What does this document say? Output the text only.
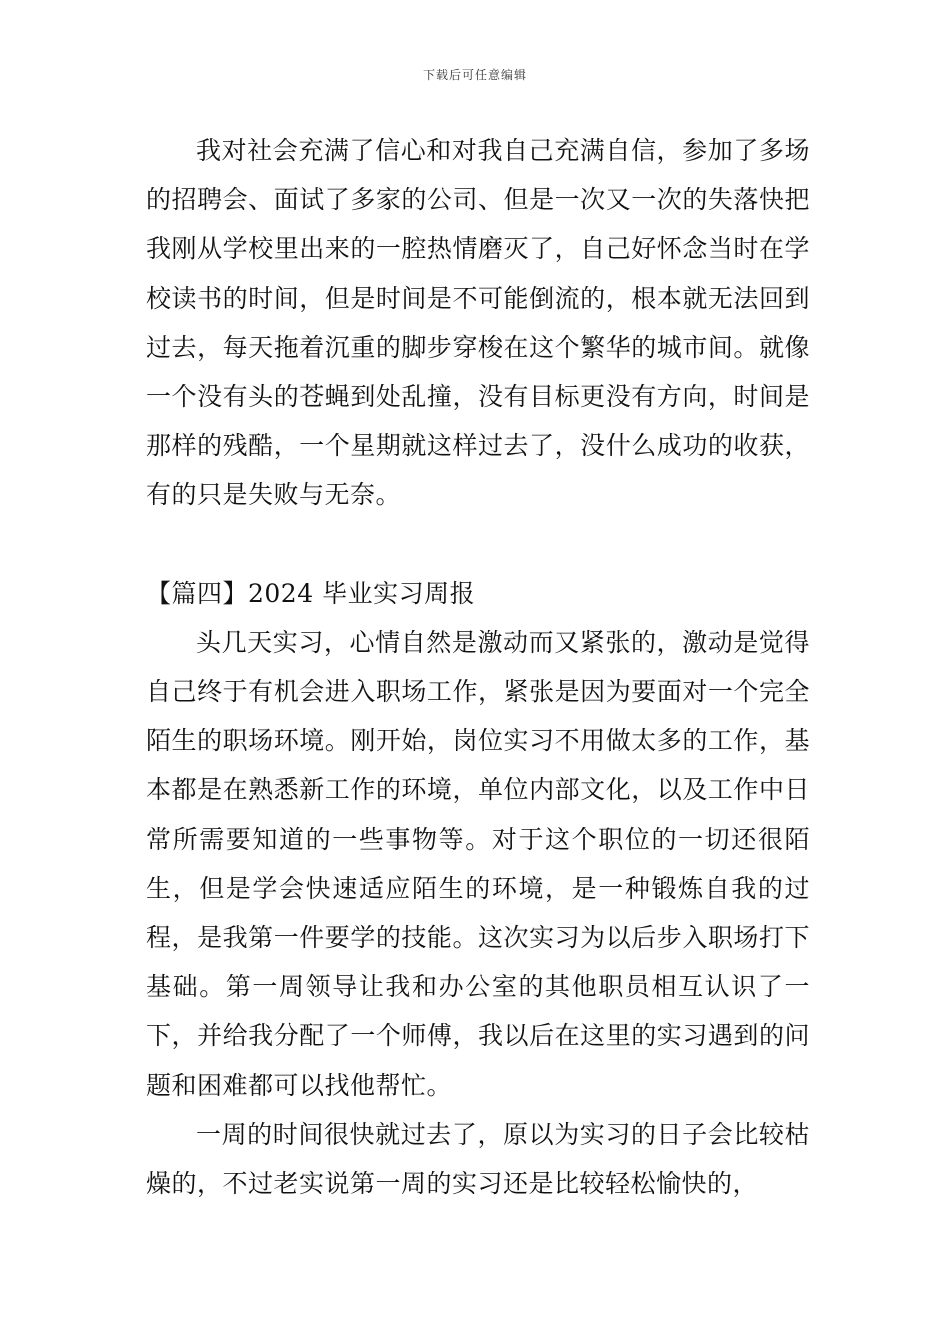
下载后可任意编辑

我对社会充满了信心和对我自己充满自信，参加了多场的招聘会、面试了多家的公司、但是一次又一次的失落快把我刚从学校里出来的一腔热情磨灭了，自己好怀念当时在学校读书的时间，但是时间是不可能倒流的，根本就无法回到过去，每天拖着沉重的脚步穿梭在这个繁华的城市间。就像一个没有头的苍蝇到处乱撞，没有目标更没有方向，时间是那样的残酷，一个星期就这样过去了，没什么成功的收获，有的只是失败与无奈。

【篇四】2024 毕业实习周报

头几天实习，心情自然是激动而又紧张的，激动是觉得自己终于有机会进入职场工作，紧张是因为要面对一个完全陌生的职场环境。刚开始，岗位实习不用做太多的工作，基本都是在熟悉新工作的环境，单位内部文化，以及工作中日常所需要知道的一些事物等。对于这个职位的一切还很陌生，但是学会快速适应陌生的环境，是一种锻炼自我的过程，是我第一件要学的技能。这次实习为以后步入职场打下基础。第一周领导让我和办公室的其他职员相互认识了一下，并给我分配了一个师傅，我以后在这里的实习遇到的问题和困难都可以找他帮忙。

一周的时间很快就过去了，原以为实习的日子会比较枯燥的，不过老实说第一周的实习还是比较轻松愉快的，
